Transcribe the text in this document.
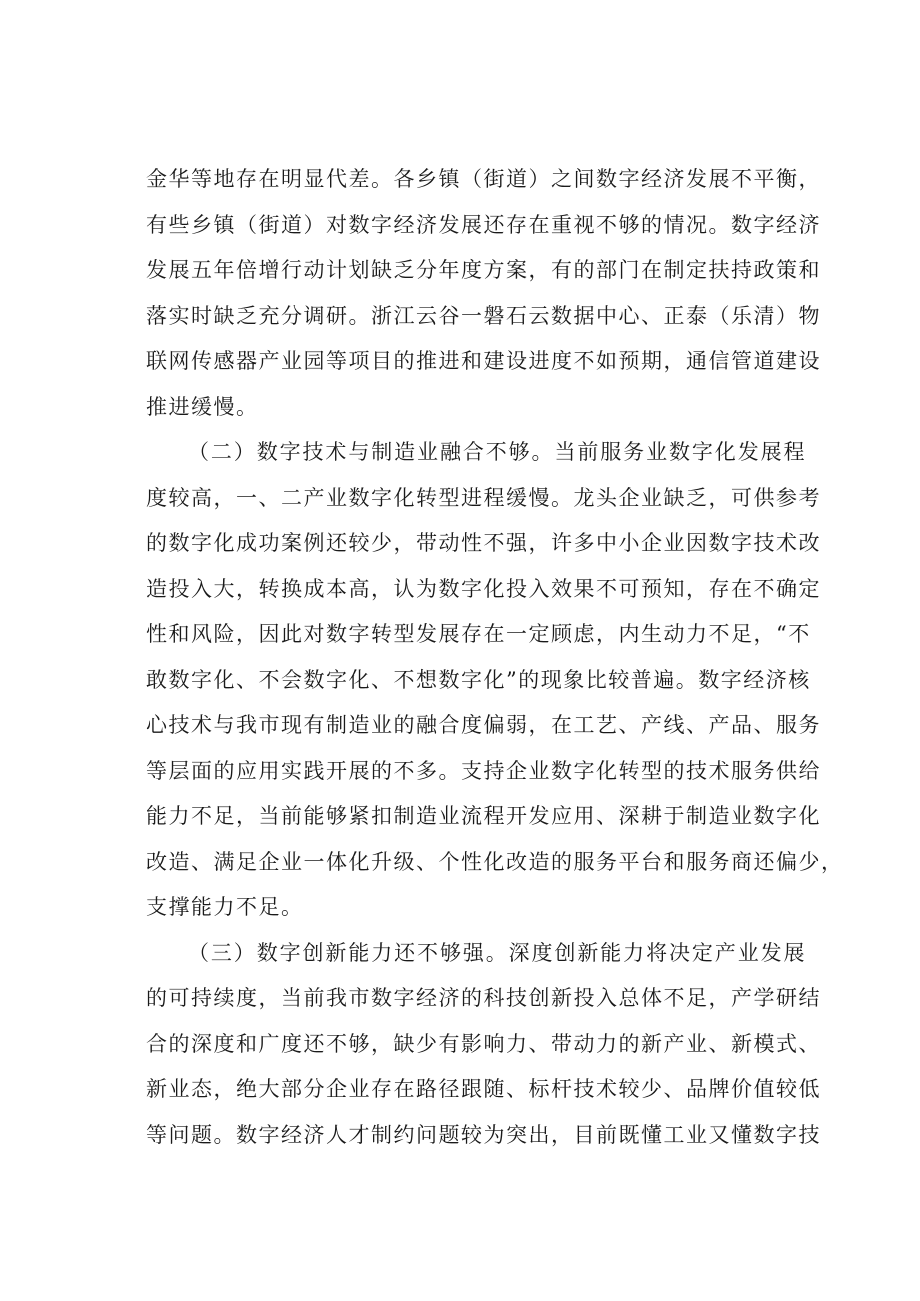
金华等地存在明显代差。各乡镇（街道）之间数字经济发展不平衡，
有些乡镇（街道）对数字经济发展还存在重视不够的情况。数字经济
发展五年倍增行动计划缺乏分年度方案，有的部门在制定扶持政策和
落实时缺乏充分调研。浙江云谷一磐石云数据中心、正泰（乐清）物
联网传感器产业园等项目的推进和建设进度不如预期，通信管道建设
推进缓慢。
（二）数字技术与制造业融合不够。当前服务业数字化发展程
度较高，一、二产业数字化转型进程缓慢。龙头企业缺乏，可供参考
的数字化成功案例还较少，带动性不强，许多中小企业因数字技术改
造投入大，转换成本高，认为数字化投入效果不可预知，存在不确定
性和风险，因此对数字转型发展存在一定顾虑，内生动力不足，“不
敢数字化、不会数字化、不想数字化”的现象比较普遍。数字经济核
心技术与我市现有制造业的融合度偏弱，在工艺、产线、产品、服务
等层面的应用实践开展的不多。支持企业数字化转型的技术服务供给
能力不足，当前能够紧扣制造业流程开发应用、深耕于制造业数字化
改造、满足企业一体化升级、个性化改造的服务平台和服务商还偏少，
支撑能力不足。
（三）数字创新能力还不够强。深度创新能力将决定产业发展
的可持续度，当前我市数字经济的科技创新投入总体不足，产学研结
合的深度和广度还不够，缺少有影响力、带动力的新产业、新模式、
新业态，绝大部分企业存在路径跟随、标杆技术较少、品牌价值较低
等问题。数字经济人才制约问题较为突出，目前既懂工业又懂数字技
